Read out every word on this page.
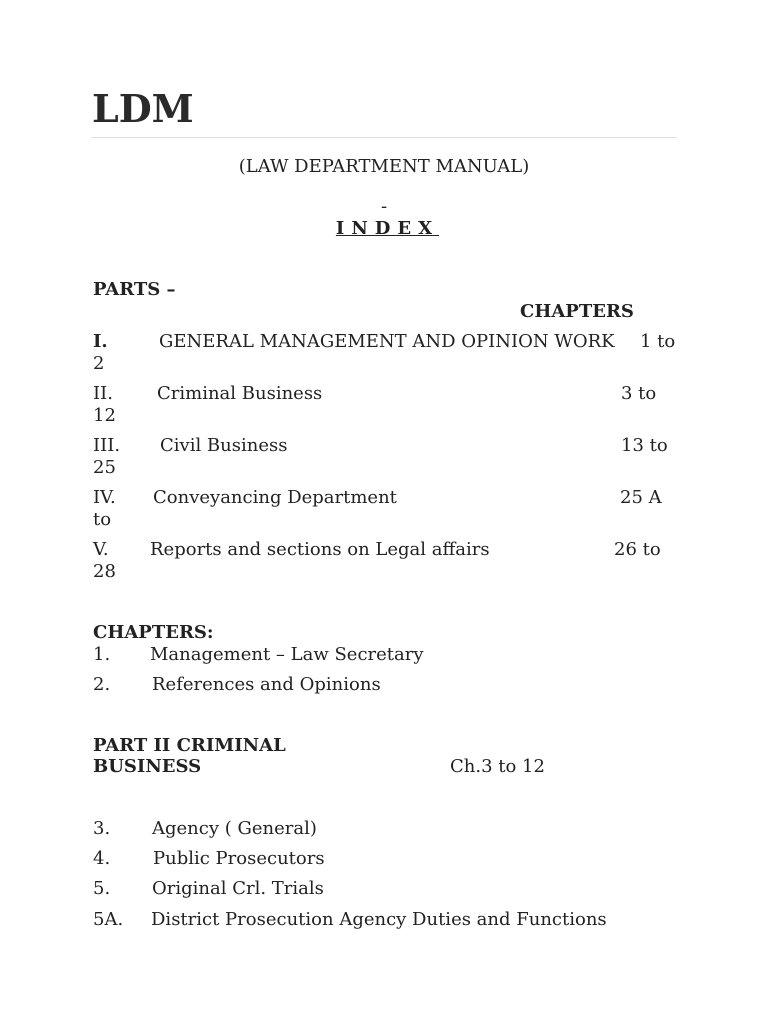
LDM
(LAW DEPARTMENT MANUAL)
-
INDEX
PARTS –
CHAPTERS
I.	GENERAL MANAGEMENT AND OPINION WORK 1 to
2
II. Criminal Business	3 to
12
III. Civil Business	13 to
25
IV. Conveyancing Department	25 A
to
V. Reports and sections on Legal affairs	26 to
28
CHAPTERS:
1. Management – Law Secretary
2. References and Opinions
PART II CRIMINAL
BUSINESS	Ch.3 to 12
3. Agency ( General)
4. Public Prosecutors
5. Original Crl. Trials
5A. District Prosecution Agency Duties and Functions
